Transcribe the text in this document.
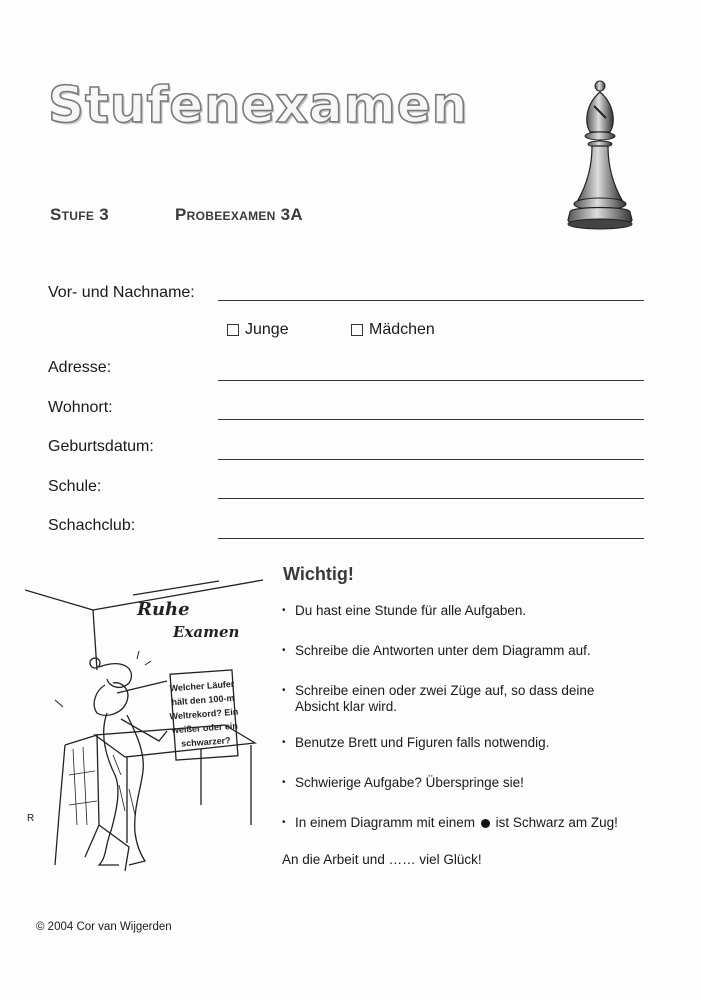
Stufenexamen
Stufe 3	Probeexamen 3A
Vor- und Nachname:
Junge	Mädchen
Adresse:
Wohnort:
Geburtsdatum:
Schule:
Schachclub:
Ruhe
Examen
Welcher Läufer
hält den 100-m
Weltrekord? Ein
weißer oder ein
schwarzer?
R
Wichtig!
• Du hast eine Stunde für alle Aufgaben.
• Schreibe die Antworten unter dem Diagramm auf.
• Schreibe einen oder zwei Züge auf, so dass deine Absicht klar wird.
• Benutze Brett und Figuren falls notwendig.
• Schwierige Aufgabe? Überspringe sie!
• In einem Diagramm mit einem ist Schwarz am Zug!
An die Arbeit und …… viel Glück!
© 2004 Cor van Wijgerden
